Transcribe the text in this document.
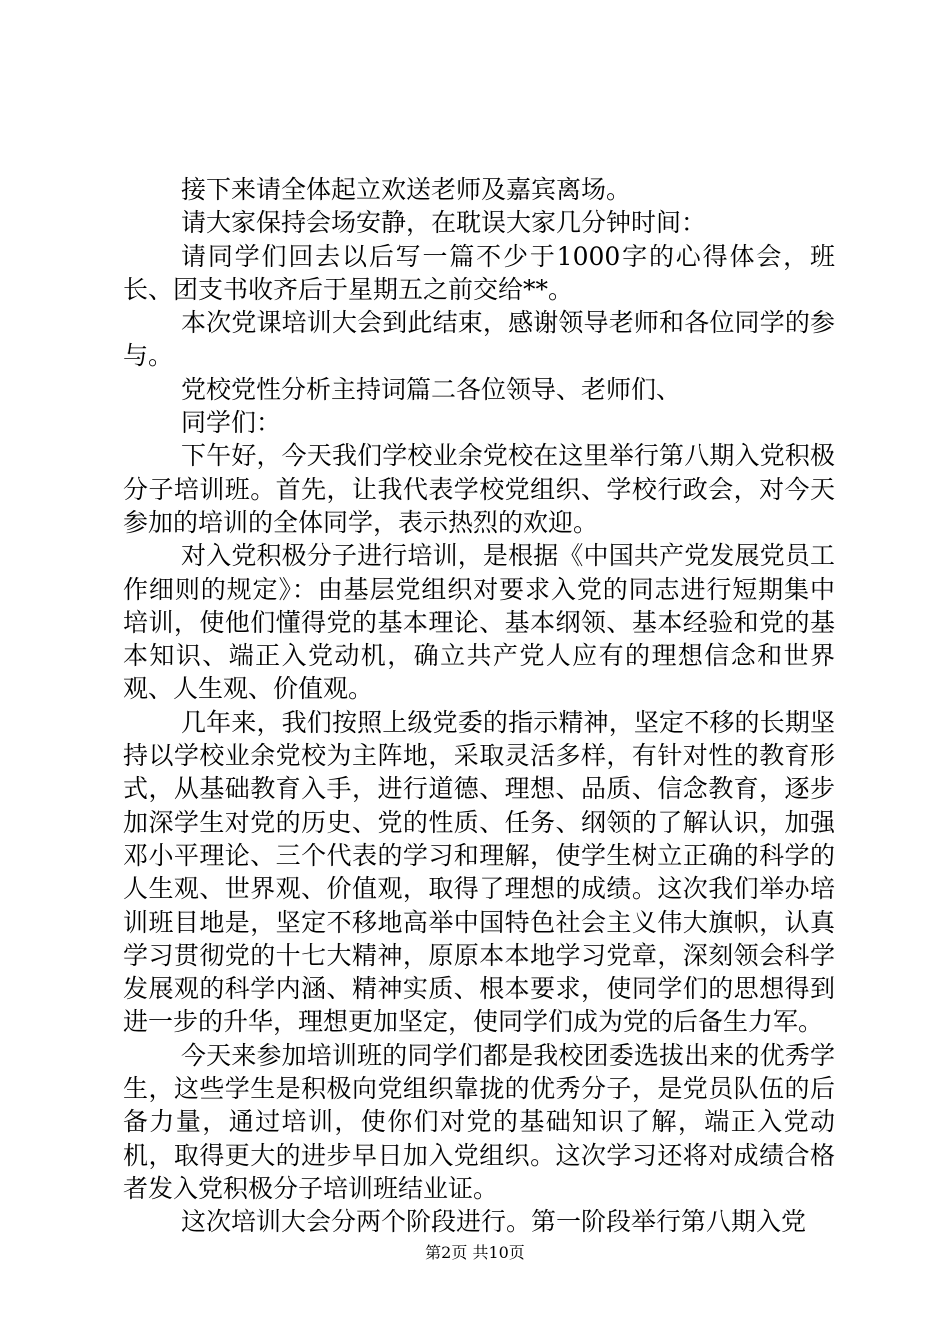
接下来请全体起立欢送老师及嘉宾离场。

请大家保持会场安静，在耽误大家几分钟时间：

请同学们回去以后写一篇不少于1000字的心得体会，班长、团支书收齐后于星期五之前交给**。

本次党课培训大会到此结束，感谢领导老师和各位同学的参与。

党校党性分析主持词篇二各位领导、老师们、

同学们：

下午好，今天我们学校业余党校在这里举行第八期入党积极分子培训班。首先，让我代表学校党组织、学校行政会，对今天参加的培训的全体同学，表示热烈的欢迎。

对入党积极分子进行培训，是根据《中国共产党发展党员工作细则的规定》：由基层党组织对要求入党的同志进行短期集中培训，使他们懂得党的基本理论、基本纲领、基本经验和党的基本知识、端正入党动机，确立共产党人应有的理想信念和世界观、人生观、价值观。

几年来，我们按照上级党委的指示精神，坚定不移的长期坚持以学校业余党校为主阵地，采取灵活多样，有针对性的教育形式，从基础教育入手，进行道德、理想、品质、信念教育，逐步加深学生对党的历史、党的性质、任务、纲领的了解认识，加强邓小平理论、三个代表的学习和理解，使学生树立正确的科学的人生观、世界观、价值观，取得了理想的成绩。这次我们举办培训班目地是，坚定不移地高举中国特色社会主义伟大旗帜，认真学习贯彻党的十七大精神，原原本本地学习党章，深刻领会科学发展观的科学内涵、精神实质、根本要求，使同学们的思想得到进一步的升华，理想更加坚定，使同学们成为党的后备生力军。

今天来参加培训班的同学们都是我校团委选拔出来的优秀学生，这些学生是积极向党组织靠拢的优秀分子，是党员队伍的后备力量，通过培训，使你们对党的基础知识了解，端正入党动机，取得更大的进步早日加入党组织。这次学习还将对成绩合格者发入党积极分子培训班结业证。

这次培训大会分两个阶段进行。第一阶段举行第八期入党

第2页 共10页
